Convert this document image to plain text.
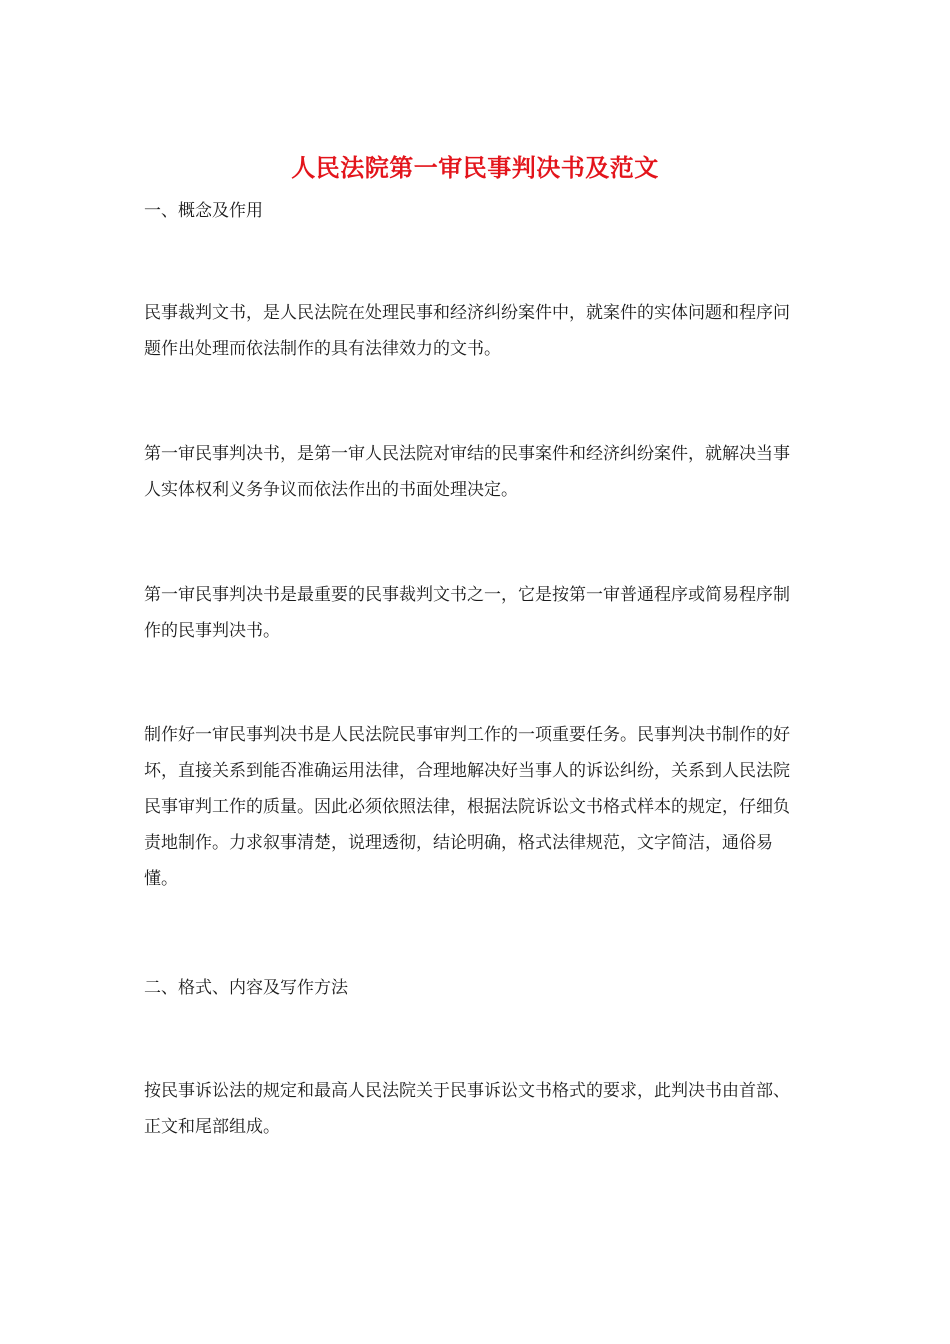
人民法院第一审民事判决书及范文

一、概念及作用

民事裁判文书，是人民法院在处理民事和经济纠纷案件中，就案件的实体问题和程序问题作出处理而依法制作的具有法律效力的文书。

第一审民事判决书，是第一审人民法院对审结的民事案件和经济纠纷案件，就解决当事人实体权利义务争议而依法作出的书面处理决定。

第一审民事判决书是最重要的民事裁判文书之一，它是按第一审普通程序或简易程序制作的民事判决书。

制作好一审民事判决书是人民法院民事审判工作的一项重要任务。民事判决书制作的好坏，直接关系到能否准确运用法律，合理地解决好当事人的诉讼纠纷，关系到人民法院民事审判工作的质量。因此必须依照法律，根据法院诉讼文书格式样本的规定，仔细负责地制作。力求叙事清楚，说理透彻，结论明确，格式法律规范，文字简洁，通俗易懂。

二、格式、内容及写作方法

按民事诉讼法的规定和最高人民法院关于民事诉讼文书格式的要求，此判决书由首部、正文和尾部组成。
